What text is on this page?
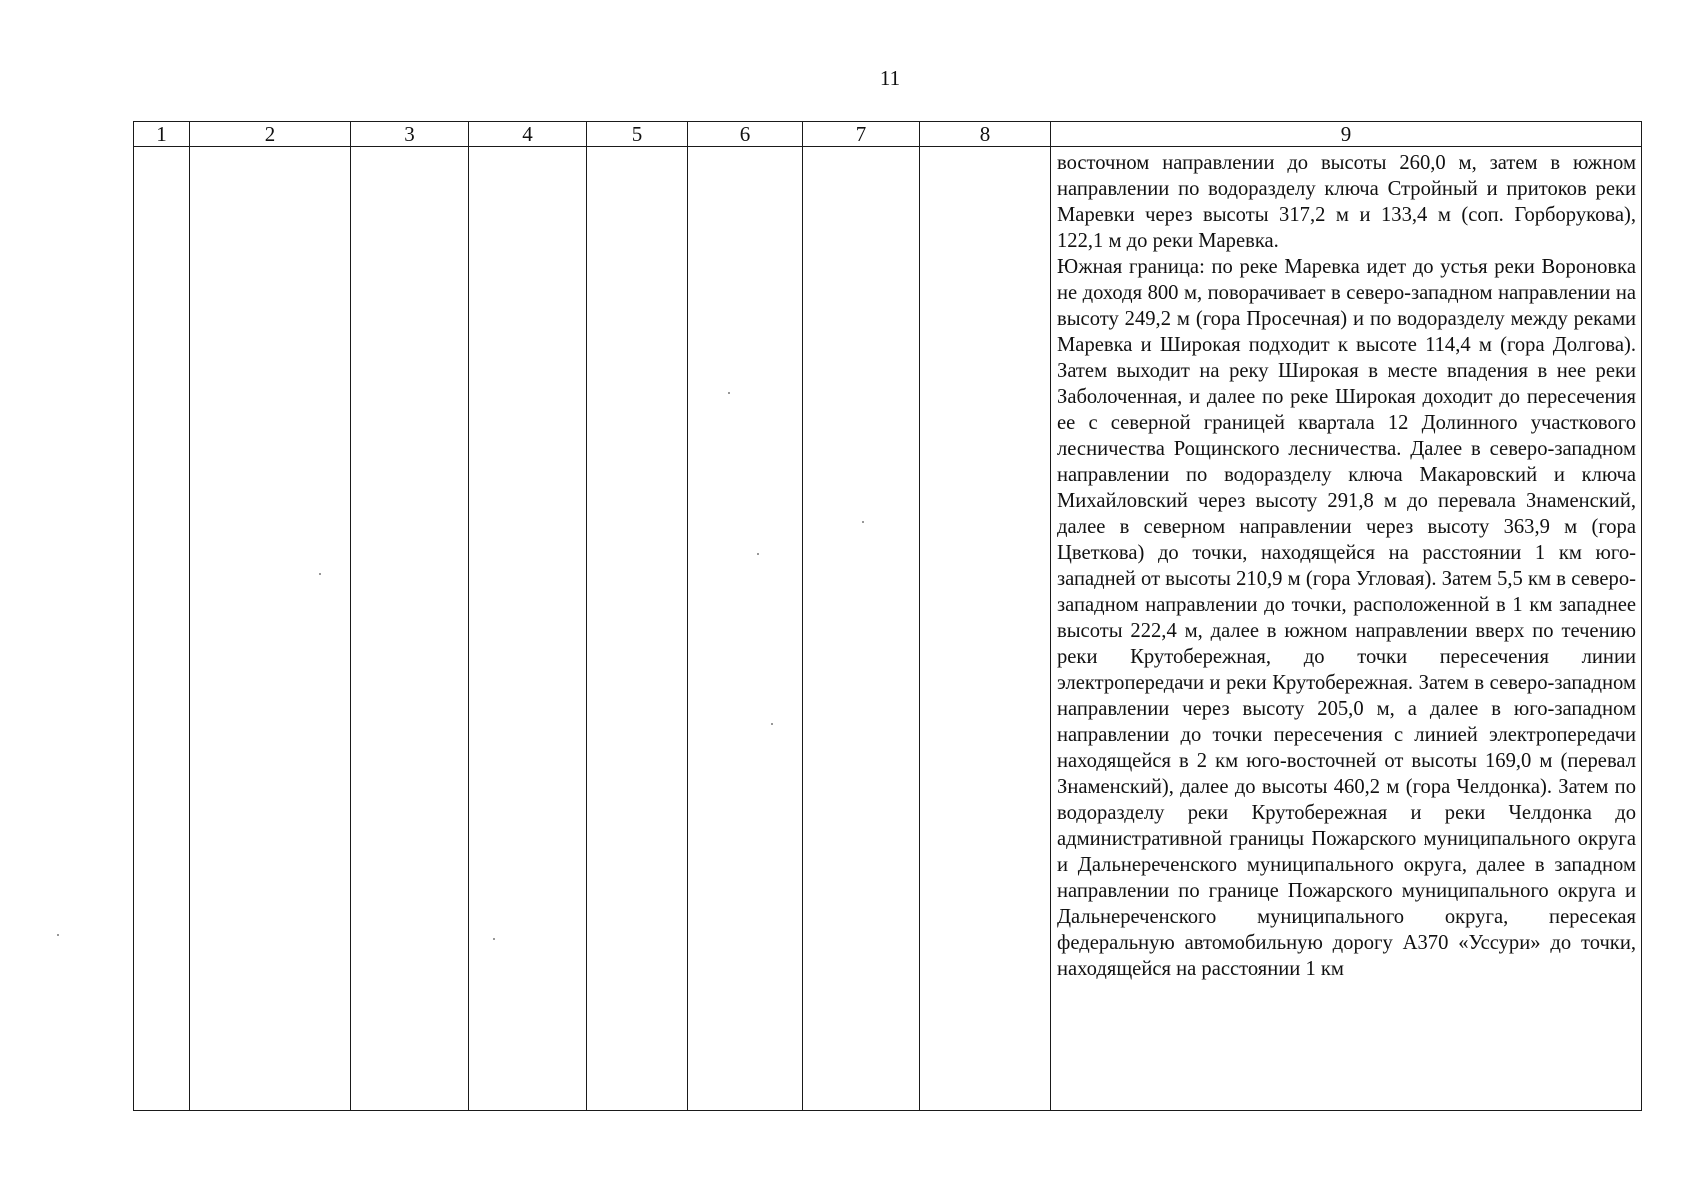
11
1	2	3	4	5	6	7	8	9

								восточном направлении до высоты 260,0 м, затем в южном направлении по водоразделу ключа Стройный и притоков реки Маревки через высоты 317,2 м и 133,4 м (соп. Горборукова), 122,1 м до реки Маревка.
Южная граница: по реке Маревка идет до устья реки Вороновка не доходя 800 м, поворачивает в северо-западном направлении на высоту 249,2 м (гора Просечная) и по водоразделу между реками Маревка и Широкая подходит к высоте 114,4 м (гора Долгова). Затем выходит на реку Широкая в месте впадения в нее реки Заболоченная, и далее по реке Широкая доходит до пересечения ее с северной границей квартала 12 Долинного участкового лесничества Рощинского лесничества. Далее в северо-западном направлении по водоразделу ключа Макаровский и ключа Михайловский через высоту 291,8 м до перевала Знаменский, далее в северном направлении через высоту 363,9 м (гора Цветкова) до точки, находящейся на расстоянии 1 км юго-западней от высоты 210,9 м (гора Угловая). Затем 5,5 км в северо-западном направлении до точки, расположенной в 1 км западнее высоты 222,4 м, далее в южном направлении вверх по течению реки Крутобережная, до точки пересечения линии электропередачи и реки Крутобережная. Затем в северо-западном направлении через высоту 205,0 м, а далее в юго-западном направлении до точки пересечения с линией электропередачи находящейся в 2 км юго-восточней от высоты 169,0 м (перевал Знаменский), далее до высоты 460,2 м (гора Челдонка). Затем по водоразделу реки Крутобережная и реки Челдонка до административной границы Пожарского муниципального округа и Дальнереченского муниципального округа, далее в западном направлении по границе Пожарского муниципального округа и Дальнереченского муниципального округа, пересекая федеральную автомобильную дорогу А370 «Уссури» до точки, находящейся на расстоянии 1 км
